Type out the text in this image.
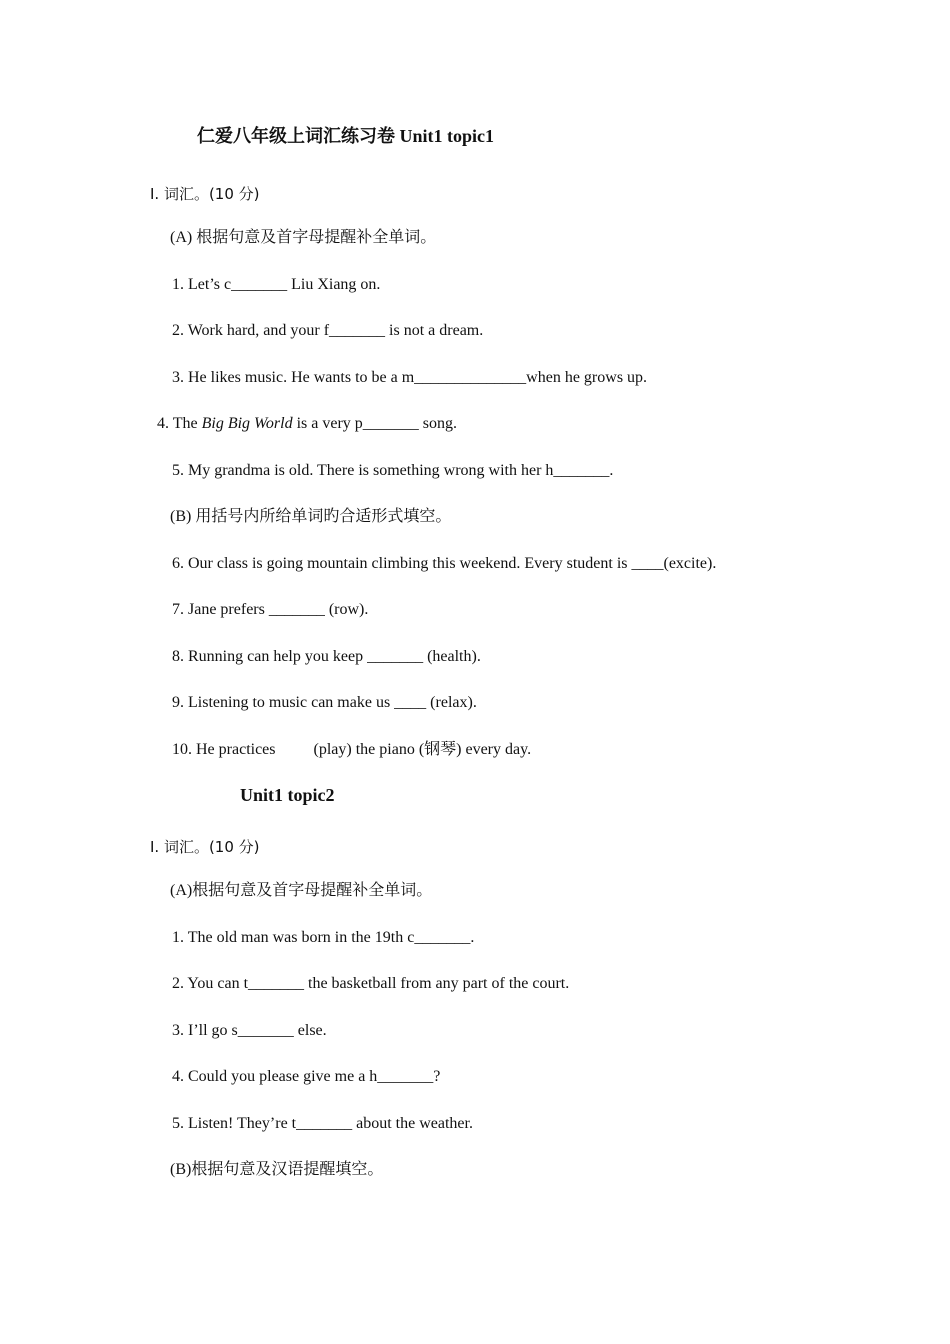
仁爱八年级上词汇练习卷 Unit1 topic1
Ⅰ. 词汇。(10 分)
(A) 根据句意及首字母提醒补全单词。
1. Let’s c_______ Liu Xiang on.
2. Work hard, and your f_______ is not a dream.
3. He likes music. He wants to be a m______________when he grows up.
4. The Big Big World is a very p_______ song.
5. My grandma is old. There is something wrong with her h_______.
(B) 用括号内所给单词旳合适形式填空。
6. Our class is going mountain climbing this weekend. Every student is ____(excite).
7. Jane prefers _______ (row).
8. Running can help you keep _______ (health).
9. Listening to music can make us ____ (relax).
10. He practices (play) the piano (钢琴) every day.
Unit1 topic2
Ⅰ. 词汇。(10 分)
(A)根据句意及首字母提醒补全单词。
1. The old man was born in the 19th c_______.
2. You can t_______ the basketball from any part of the court.
3. I’ll go s_______ else.
4. Could you please give me a h_______?
5. Listen! They’re t_______ about the weather.
(B)根据句意及汉语提醒填空。
